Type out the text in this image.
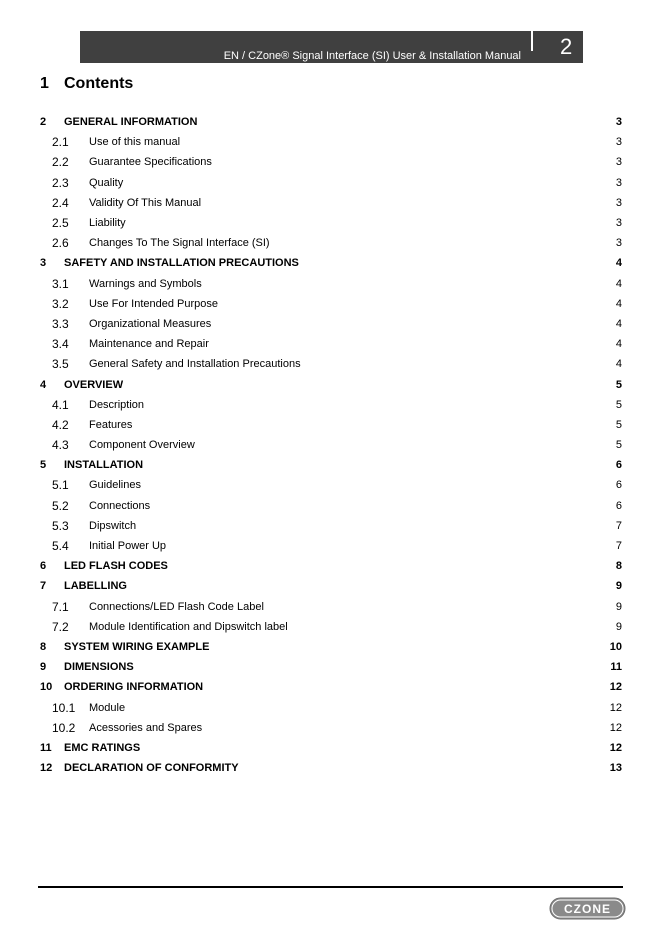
EN / CZone® Signal Interface (SI) User & Installation Manual 2
1 Contents
2 GENERAL INFORMATION	3
2.1 Use of this manual	3
2.2 Guarantee Specifications	3
2.3 Quality	3
2.4 Validity Of This Manual	3
2.5 Liability	3
2.6 Changes To The Signal Interface (SI)	3
3 SAFETY AND INSTALLATION PRECAUTIONS	4
3.1 Warnings and Symbols	4
3.2 Use For Intended Purpose	4
3.3 Organizational Measures	4
3.4 Maintenance and Repair	4
3.5 General Safety and Installation Precautions	4
4 OVERVIEW	5
4.1 Description	5
4.2 Features	5
4.3 Component Overview	5
5 INSTALLATION	6
5.1 Guidelines	6
5.2 Connections	6
5.3 Dipswitch	7
5.4 Initial Power Up	7
6 LED FLASH CODES	8
7 LABELLING	9
7.1 Connections/LED Flash Code Label	9
7.2 Module Identification and Dipswitch label	9
8 SYSTEM WIRING EXAMPLE	10
9 DIMENSIONS	11
10 ORDERING INFORMATION	12
10.1 Module	12
10.2 Acessories and Spares	12
11 EMC RATINGS	12
12 DECLARATION OF CONFORMITY	13
CZONE
